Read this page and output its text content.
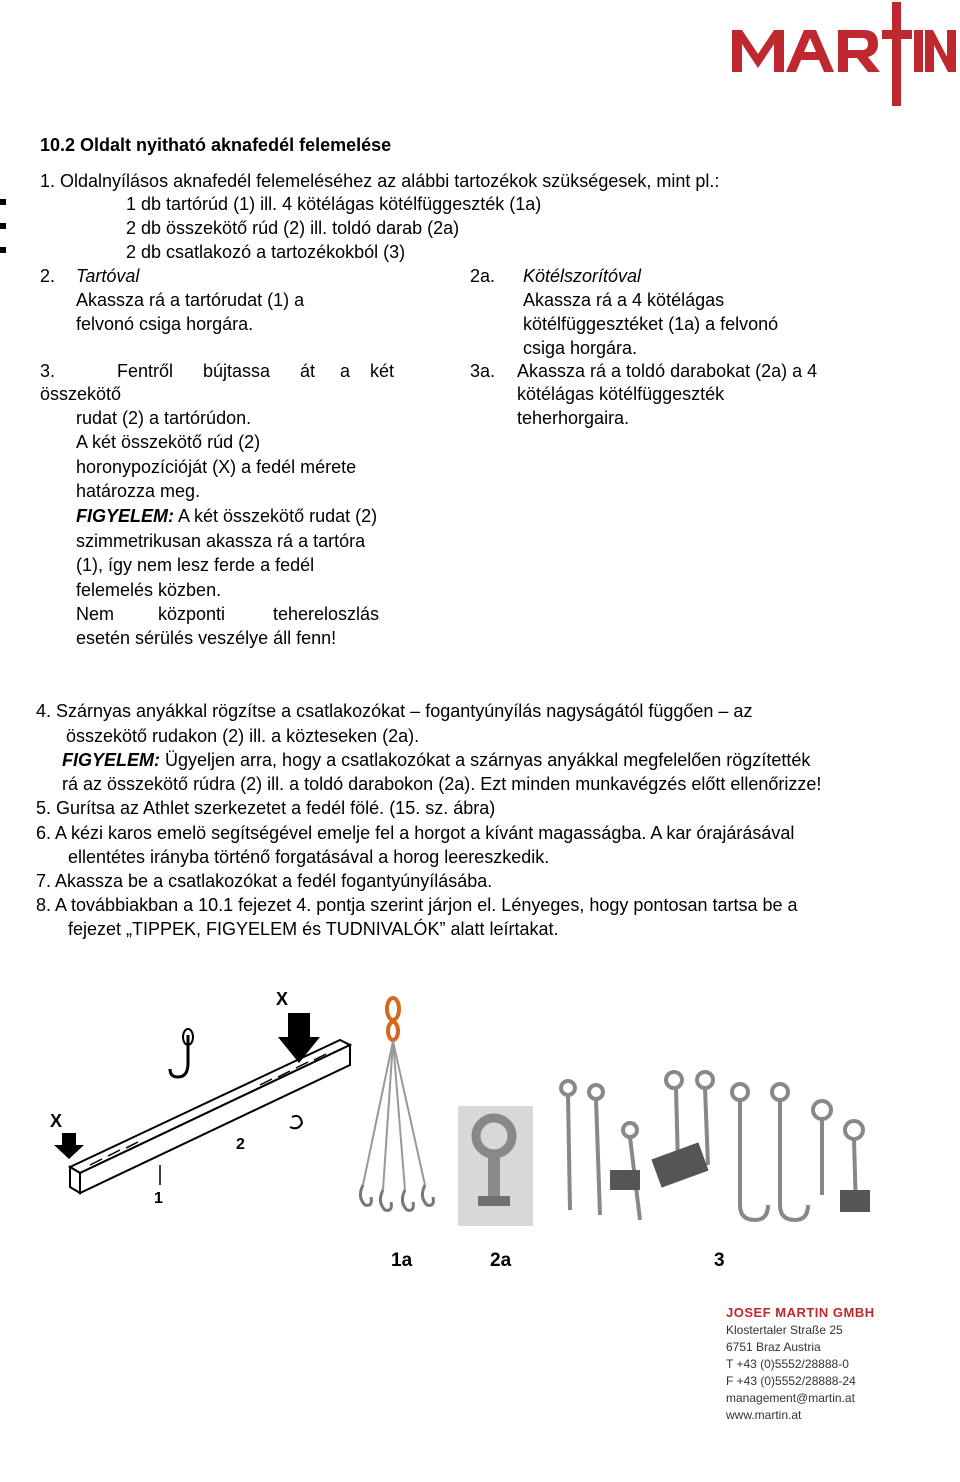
10.2 Oldalt nyitható aknafedél felemelése
1. Oldalnyílásos aknafedél felemeléséhez az alábbi tartozékok szükségesek, mint pl.:
1 db tartórúd (1) ill. 4 kötélágas kötélfüggeszték (1a)
2 db összekötő rúd (2) ill. toldó darab (2a)
2 db csatlakozó a tartozékokból (3)
2. Tartóval
Akassza rá a tartórudat (1) a
felvonó csiga horgára.
3.	Fentről bújtassa át a két
összekötő
rudat (2) a tartórúdon.
A két összekötő rúd (2)
horonypozícióját (X) a fedél mérete
határozza meg.
FIGYELEM: A két összekötő rudat (2)
szimmetrikusan akassza rá a tartóra
(1), így nem lesz ferde a fedél
felemelés közben.
Nem központi	tehereloszlás
esetén sérülés veszélye áll fenn!
2a. Kötélszorítóval
Akassza rá a 4 kötélágas
kötélfüggesztéket (1a) a felvonó
csiga horgára.
3a. Akassza rá a toldó darabokat (2a) a 4
kötélágas kötélfüggeszték
teherhorgaira.
4. Szárnyas anyákkal rögzítse a csatlakozókat – fogantyúnyílás nagyságától függően – az
összekötő rudakon (2) ill. a közteseken (2a).
FIGYELEM: Ügyeljen arra, hogy a csatlakozókat a szárnyas anyákkal megfelelően rögzítették
rá az összekötő rúdra (2) ill. a toldó darabokon (2a). Ezt minden munkavégzés előtt ellenőrizze!
5. Gurítsa az Athlet szerkezetet a fedél fölé. (15. sz. ábra)
6. A kézi karos emelö segítségével emelje fel a horgot a kívánt magasságba. A kar órajárásával
ellentétes irányba történő forgatásával a horog leereszkedik.
7. Akassza be a csatlakozókat a fedél fogantyúnyílásába.
8. A továbbiakban a 10.1 fejezet 4. pontja szerint járjon el. Lényeges, hogy pontosan tartsa be a
fejezet „TIPPEK, FIGYELEM és TUDNIVALÓK” alatt leírtakat.
X
X
2
1
1a	2a	3
JOSEF MARTIN GMBH
Klostertaler Straße 25
6751 Braz Austria
T +43 (0)5552/28888-0
F +43 (0)5552/28888-24
management@martin.at
www.martin.at
